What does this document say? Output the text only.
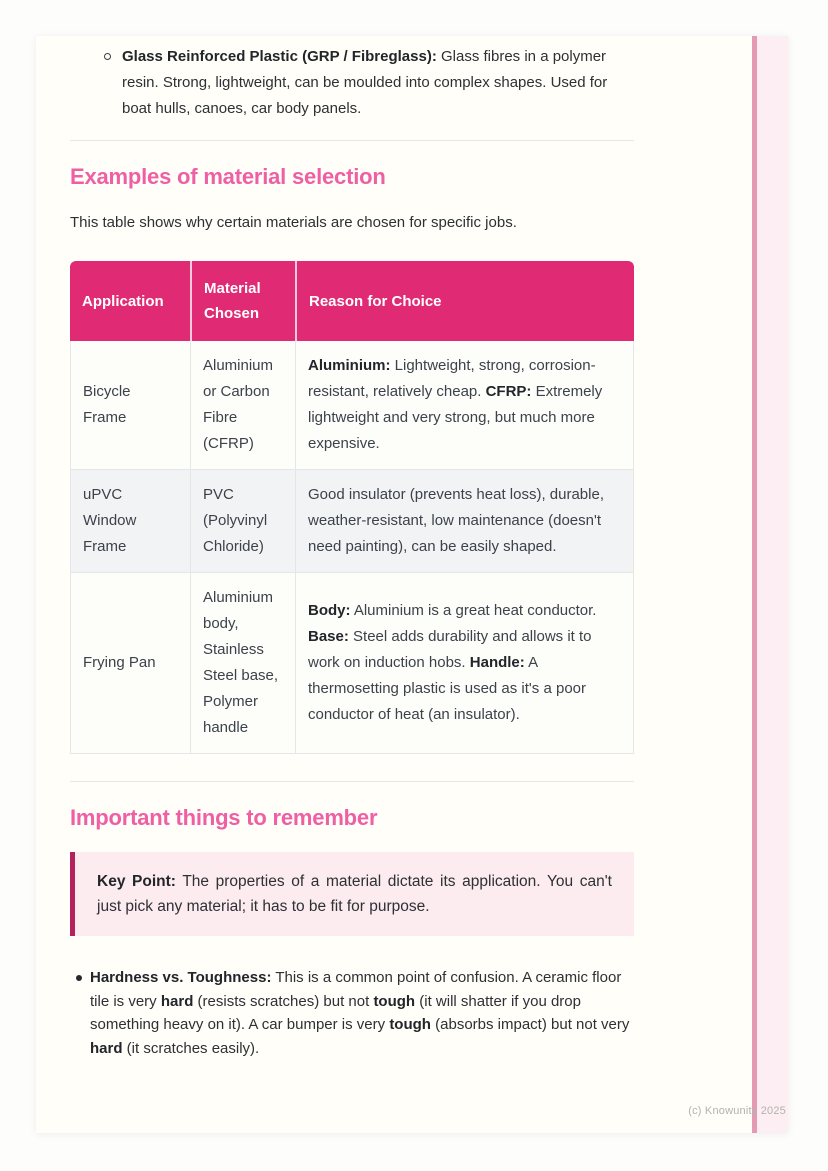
Glass Reinforced Plastic (GRP / Fibreglass): Glass fibres in a polymer resin. Strong, lightweight, can be moulded into complex shapes. Used for boat hulls, canoes, car body panels.

Examples of material selection

This table shows why certain materials are chosen for specific jobs.

Application	Material Chosen	Reason for Choice
Bicycle Frame	Aluminium or Carbon Fibre (CFRP)	Aluminium: Lightweight, strong, corrosion-resistant, relatively cheap. CFRP: Extremely lightweight and very strong, but much more expensive.
uPVC Window Frame	PVC (Polyvinyl Chloride)	Good insulator (prevents heat loss), durable, weather-resistant, low maintenance (doesn't need painting), can be easily shaped.
Frying Pan	Aluminium body, Stainless Steel base, Polymer handle	Body: Aluminium is a great heat conductor. Base: Steel adds durability and allows it to work on induction hobs. Handle: A thermosetting plastic is used as it's a poor conductor of heat (an insulator).
Important things to remember

Key Point: The properties of a material dictate its application. You can't just pick any material; it has to be fit for purpose.

Hardness vs. Toughness: This is a common point of confusion. A ceramic floor tile is very hard (resists scratches) but not tough (it will shatter if you drop something heavy on it). A car bumper is very tough (absorbs impact) but not very hard (it scratches easily).

(c) Knowunity 2025
